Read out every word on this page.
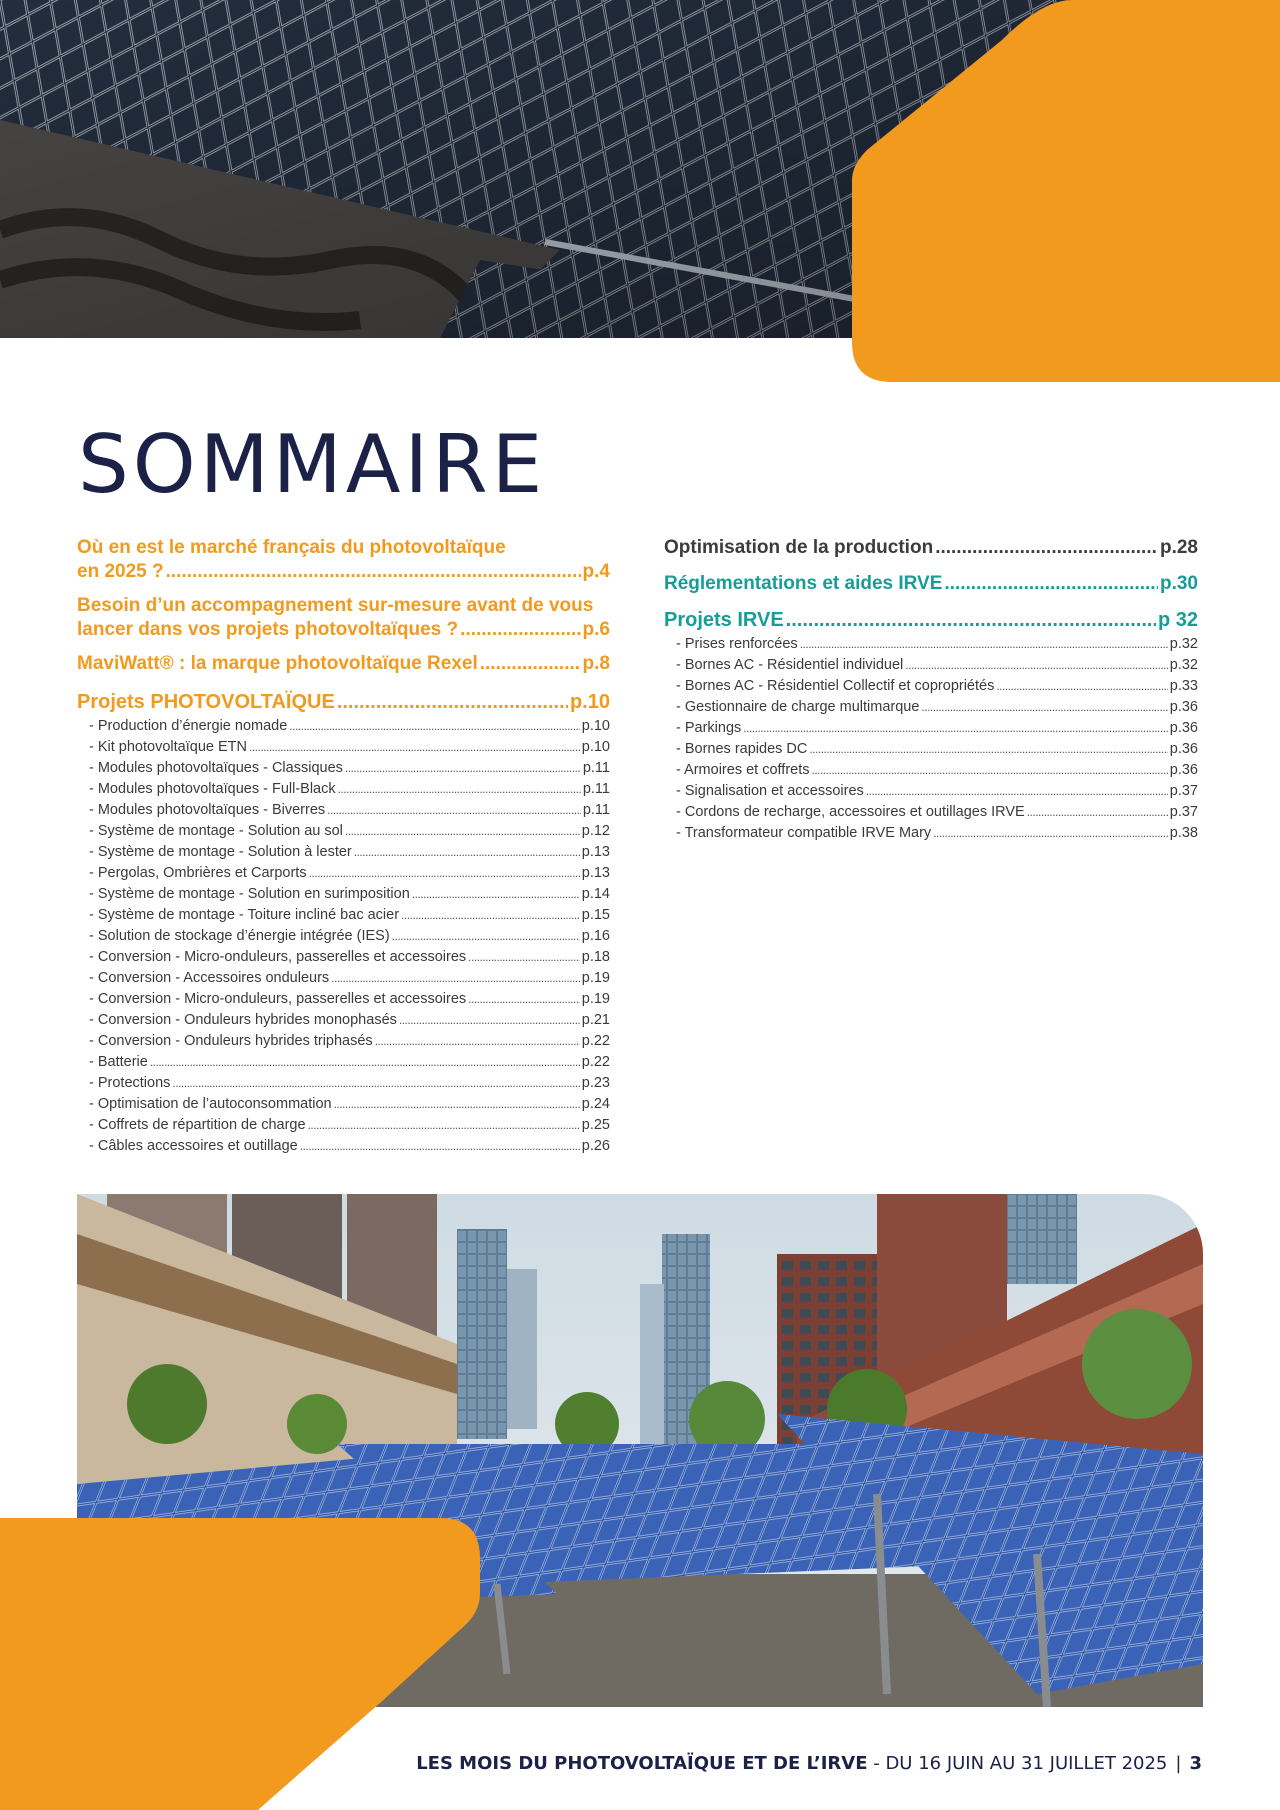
SOMMAIRE
Où en est le marché français du photovoltaïque
en 2025 ? .....	p.4
Besoin d’un accompagnement sur-mesure avant de vous
lancer dans vos projets photovoltaïques ? .....	p.6
MaviWatt® : la marque photovoltaïque Rexel .....	p.8
Projets PHOTOVOLTAÏQUE .....	p.10
- Production d’énergie nomade .....	p.10
- Kit photovoltaïque ETN .....	p.10
- Modules photovoltaïques - Classiques .....	p.11
- Modules photovoltaïques - Full-Black .....	p.11
- Modules photovoltaïques - Biverres .....	p.11
- Système de montage - Solution au sol .....	p.12
- Système de montage - Solution à lester .....	p.13
- Pergolas, Ombrières et Carports .....	p.13
- Système de montage - Solution en surimposition .....	p.14
- Système de montage - Toiture incliné bac acier .....	p.15
- Solution de stockage d’énergie intégrée (IES) .....	p.16
- Conversion - Micro-onduleurs, passerelles et accessoires .....	p.18
- Conversion - Accessoires onduleurs .....	p.19
- Conversion - Micro-onduleurs, passerelles et accessoires .....	p.19
- Conversion - Onduleurs hybrides monophasés .....	p.21
- Conversion - Onduleurs hybrides triphasés .....	p.22
- Batterie .....	p.22
- Protections .....	p.23
- Optimisation de l’autoconsommation .....	p.24
- Coffrets de répartition de charge .....	p.25
- Câbles accessoires et outillage .....	p.26
Optimisation de la production .....	p.28
Réglementations et aides IRVE .....	p.30
Projets IRVE .....	p 32
- Prises renforcées .....	p.32
- Bornes AC - Résidentiel individuel .....	p.32
- Bornes AC - Résidentiel Collectif et copropriétés .....	p.33
- Gestionnaire de charge multimarque .....	p.36
- Parkings .....	p.36
- Bornes rapides DC .....	p.36
- Armoires et coffrets .....	p.36
- Signalisation et accessoires .....	p.37
- Cordons de recharge, accessoires et outillages IRVE .....	p.37
- Transformateur compatible IRVE Mary .....	p.38
LES MOIS DU PHOTOVOLTAÏQUE ET DE L’IRVE - DU 16 JUIN AU 31 JUILLET 2025 | 3
